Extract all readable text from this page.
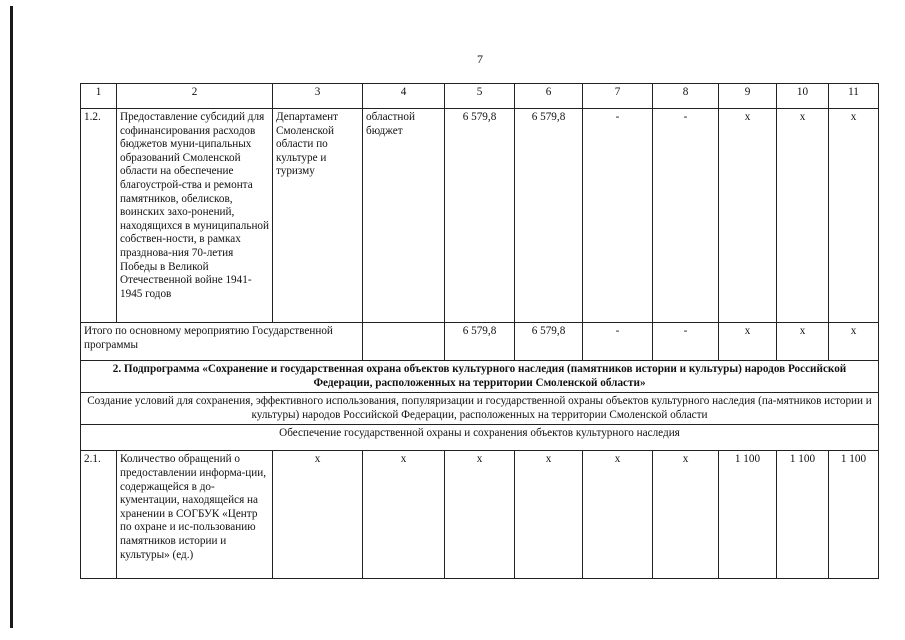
7
1	2	3	4	5	6	7	8	9	10	11
1.2.	Предоставление субсидий для софинансирования расходов бюджетов муни-ципальных образований Смоленской области на обеспечение благоустрой-ства и ремонта памятников, обелисков, воинских захо-ронений, находящихся в муниципальной собствен-ности, в рамках празднова-ния 70-летия Победы в Великой Отечественной войне 1941-1945 годов	Департамент Смоленской области по культуре и туризму	областной бюджет	6 579,8	6 579,8	-	-	x	x	x
Итого по основному мероприятию Государственной программы				6 579,8	6 579,8	-	-	x	x	x
2. Подпрограмма «Сохранение и государственная охрана объектов культурного наследия (памятников истории и культуры) народов Российской Федерации, расположенных на территории Смоленской области»										
Создание условий для сохранения, эффективного использования, популяризации и государственной охраны объектов культурного наследия (па-мятников истории и культуры) народов Российской Федерации, расположенных на территории Смоленской области										
Обеспечение государственной охраны и сохранения объектов культурного наследия										
2.1.	Количество обращений о предоставлении информа-ции, содержащейся в до-кументации, находящейся на хранении в СОГБУК «Центр по охране и ис-пользованию памятников истории и культуры» (ед.)	x	x	x	x	x	x	1 100	1 100	1 100
